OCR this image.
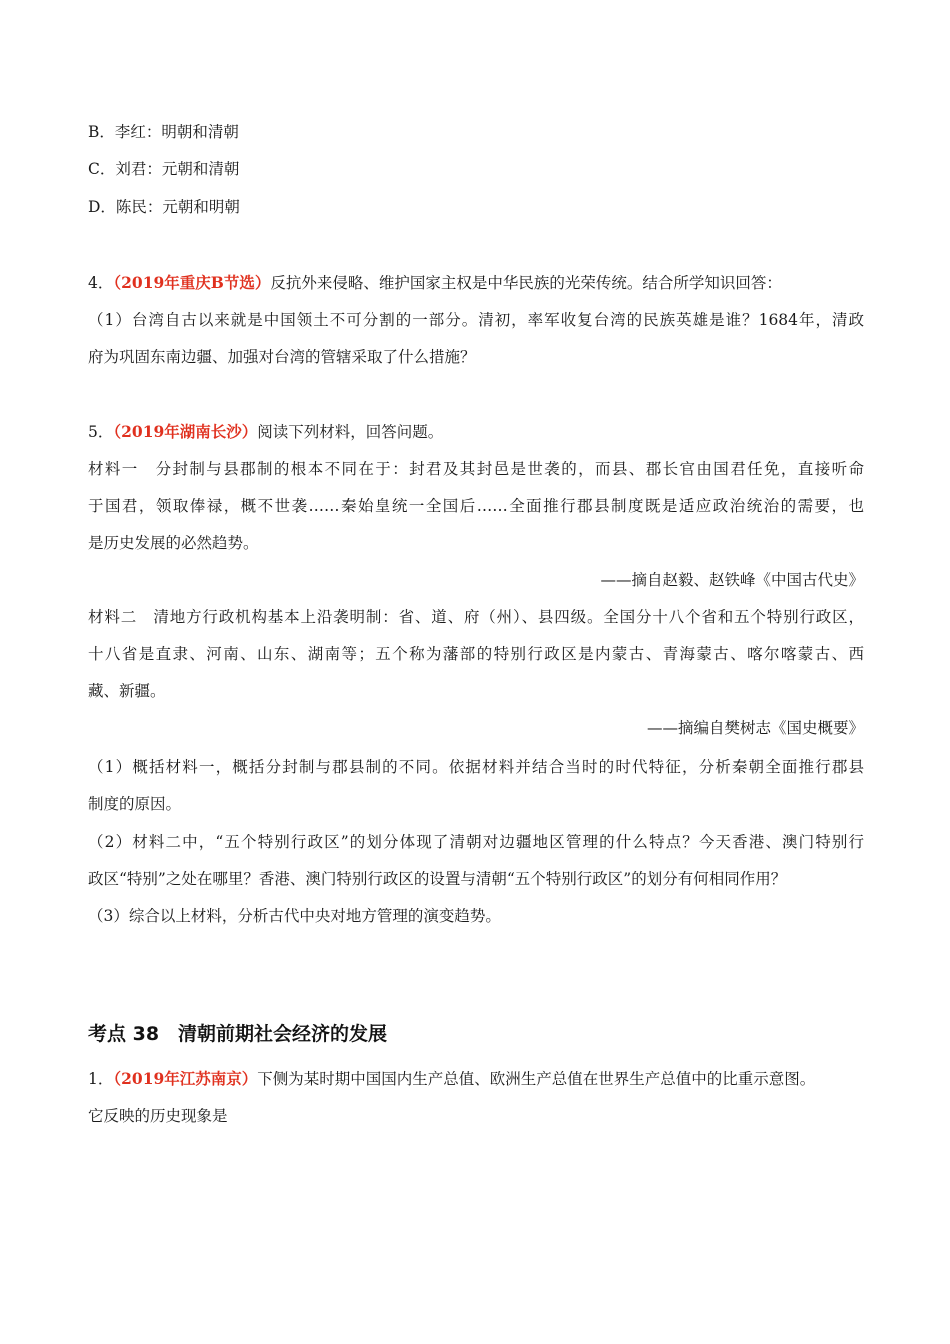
B．李红：明朝和清朝
C．刘君：元朝和清朝
D．陈民：元朝和明朝
4．（2019年重庆B节选）反抗外来侵略、维护国家主权是中华民族的光荣传统。结合所学知识回答：
（1）台湾自古以来就是中国领土不可分割的一部分。清初，率军收复台湾的民族英雄是谁？1684年，清政
府为巩固东南边疆、加强对台湾的管辖采取了什么措施？
5．（2019年湖南长沙）阅读下列材料，回答问题。
材料一　分封制与县郡制的根本不同在于：封君及其封邑是世袭的，而县、郡长官由国君任免，直接听命
于国君，领取俸禄，概不世袭……秦始皇统一全国后……全面推行郡县制度既是适应政治统治的需要，也
是历史发展的必然趋势。
——摘自赵毅、赵铁峰《中国古代史》
材料二　清地方行政机构基本上沿袭明制：省、道、府（州）、县四级。全国分十八个省和五个特别行政区，
十八省是直隶、河南、山东、湖南等；五个称为藩部的特别行政区是内蒙古、青海蒙古、喀尔喀蒙古、西
藏、新疆。
——摘编自樊树志《国史概要》
（1）概括材料一，概括分封制与郡县制的不同。依据材料并结合当时的时代特征，分析秦朝全面推行郡县
制度的原因。
（2）材料二中，“五个特别行政区”的划分体现了清朝对边疆地区管理的什么特点？今天香港、澳门特别行
政区“特别”之处在哪里？香港、澳门特别行政区的设置与清朝“五个特别行政区”的划分有何相同作用？
（3）综合以上材料，分析古代中央对地方管理的演变趋势。
考点 38　清朝前期社会经济的发展
1．（2019年江苏南京）下侧为某时期中国国内生产总值、欧洲生产总值在世界生产总值中的比重示意图。
它反映的历史现象是
